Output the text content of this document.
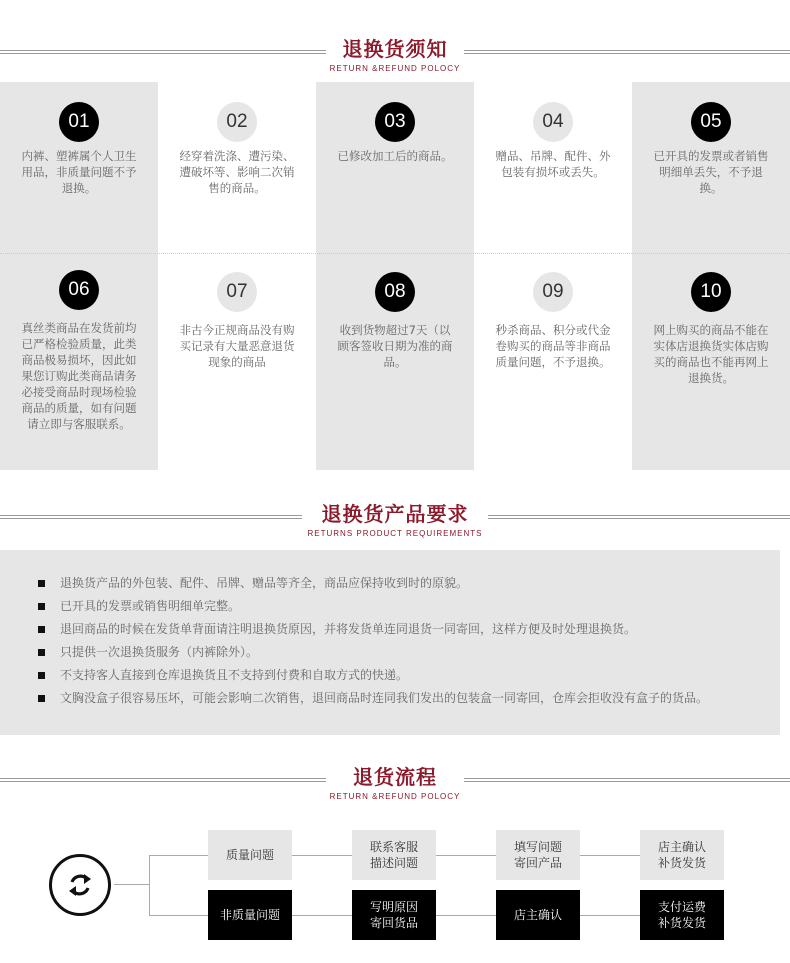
退换货须知
RETURN &REFUND POLOCY
01
内裤、塑裤属个人卫生用品，非质量问题不予退换。
02
经穿着洗涤、遭污染、遭破坏等、影响二次销售的商品。
03
已修改加工后的商品。
04
赠品、吊牌、配件、外包装有损坏或丢失。
05
已开具的发票或者销售明细单丢失，不予退换。
06
真丝类商品在发货前均已严格检验质量，此类商品极易损坏，因此如果您订购此类商品请务必接受商品时现场检验商品的质量，如有问题请立即与客服联系。
07
非古今正规商品没有购买记录有大量恶意退货现象的商品
08
收到货物超过7天（以顾客签收日期为准的商品。
09
秒杀商品、积分或代金卷购买的商品等非商品质量问题，不予退换。
10
网上购买的商品不能在实体店退换货实体店购买的商品也不能再网上退换货。
退换货产品要求
RETURNS PRODUCT REQUIREMENTS
退换货产品的外包装、配件、吊牌、赠品等齐全，商品应保持收到时的原貌。
已开具的发票或销售明细单完整。
退回商品的时候在发货单背面请注明退换货原因，并将发货单连同退货一同寄回，这样方便及时处理退换货。
只提供一次退换货服务（内裤除外）。
不支持客人直接到仓库退换货且不支持到付费和自取方式的快递。
文胸没盒子很容易压坏，可能会影响二次销售，退回商品时连同我们发出的包装盒一同寄回，仓库会拒收没有盒子的货品。
退货流程
RETURN &REFUND POLOCY
质量问题
联系客服
描述问题
填写问题
寄回产品
店主确认
补货发货
非质量问题
写明原因
寄回货品
店主确认
支付运费
补货发货
